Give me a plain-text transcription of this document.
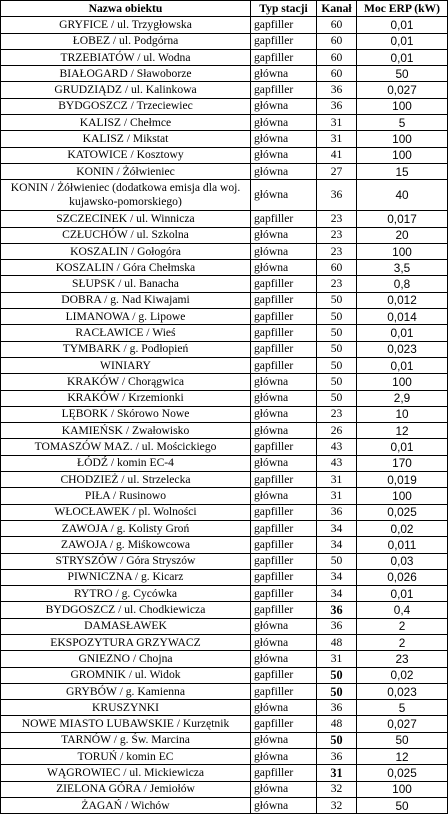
Nazwa obiektu	Typ stacji	Kanał	Moc ERP (kW)
GRYFICE / ul. Trzygłowska	gapfiller	60	0,01
ŁOBEZ / ul. Podgórna	gapfiller	60	0,01
TRZEBIATÓW / ul. Wodna	gapfiller	60	0,01
BIAŁOGARD / Sławoborze	główna	60	50
GRUDZIĄDZ / ul. Kalinkowa	gapfiller	36	0,027
BYDGOSZCZ / Trzeciewiec	główna	36	100
KALISZ / Chełmce	główna	31	5
KALISZ / Mikstat	główna	31	100
KATOWICE / Kosztowy	główna	41	100
KONIN / Żółwieniec	główna	27	15
KONIN / Żółwieniec (dodatkowa emisja dla woj. kujawsko-pomorskiego)	główna	36	40
SZCZECINEK / ul. Winnicza	gapfiller	23	0,017
CZŁUCHÓW / ul. Szkolna	główna	23	20
KOSZALIN / Gołogóra	główna	23	100
KOSZALIN / Góra Chełmska	główna	60	3,5
SŁUPSK / ul. Banacha	gapfiller	23	0,8
DOBRA / g. Nad Kiwajami	gapfiller	50	0,012
LIMANOWA / g. Lipowe	gapfiller	50	0,014
RACŁAWICE / Wieś	gapfiller	50	0,01
TYMBARK / g. Podłopień	gapfiller	50	0,023
WINIARY	gapfiller	50	0,01
KRAKÓW / Chorągwica	główna	50	100
KRAKÓW / Krzemionki	główna	50	2,9
LĘBORK / Skórowo Nowe	główna	23	10
KAMIEŃSK / Zwałowisko	główna	26	12
TOMASZÓW MAZ. / ul. Mościckiego	gapfiller	43	0,01
ŁÓDŹ / komin EC-4	główna	43	170
CHODZIEŻ / ul. Strzelecka	gapfiller	31	0,019
PIŁA / Rusinowo	główna	31	100
WŁOCŁAWEK / pl. Wolności	gapfiller	36	0,025
ZAWOJA / g. Kolisty Groń	gapfiller	34	0,02
ZAWOJA / g. Miśkowcowa	gapfiller	34	0,011
STRYSZÓW / Góra Stryszów	gapfiller	50	0,03
PIWNICZNA / g. Kicarz	gapfiller	34	0,026
RYTRO / g. Cycówka	gapfiller	34	0,01
BYDGOSZCZ / ul. Chodkiewicza	gapfiller	36	0,4
DAMASŁAWEK	główna	36	2
EKSPOZYTURA GRZYWACZ	główna	48	2
GNIEZNO / Chojna	główna	31	23
GROMNIK / ul. Widok	gapfiller	50	0,02
GRYBÓW / g. Kamienna	gapfiller	50	0,023
KRUSZYNKI	główna	36	5
NOWE MIASTO LUBAWSKIE / Kurzętnik	gapfiller	48	0,027
TARNÓW / g. Św. Marcina	główna	50	50
TORUŃ / komin EC	główna	36	12
WĄGROWIEC / ul. Mickiewicza	gapfiller	31	0,025
ZIELONA GÓRA / Jemiołów	główna	32	100
ŻAGAŃ / Wichów	główna	32	50
